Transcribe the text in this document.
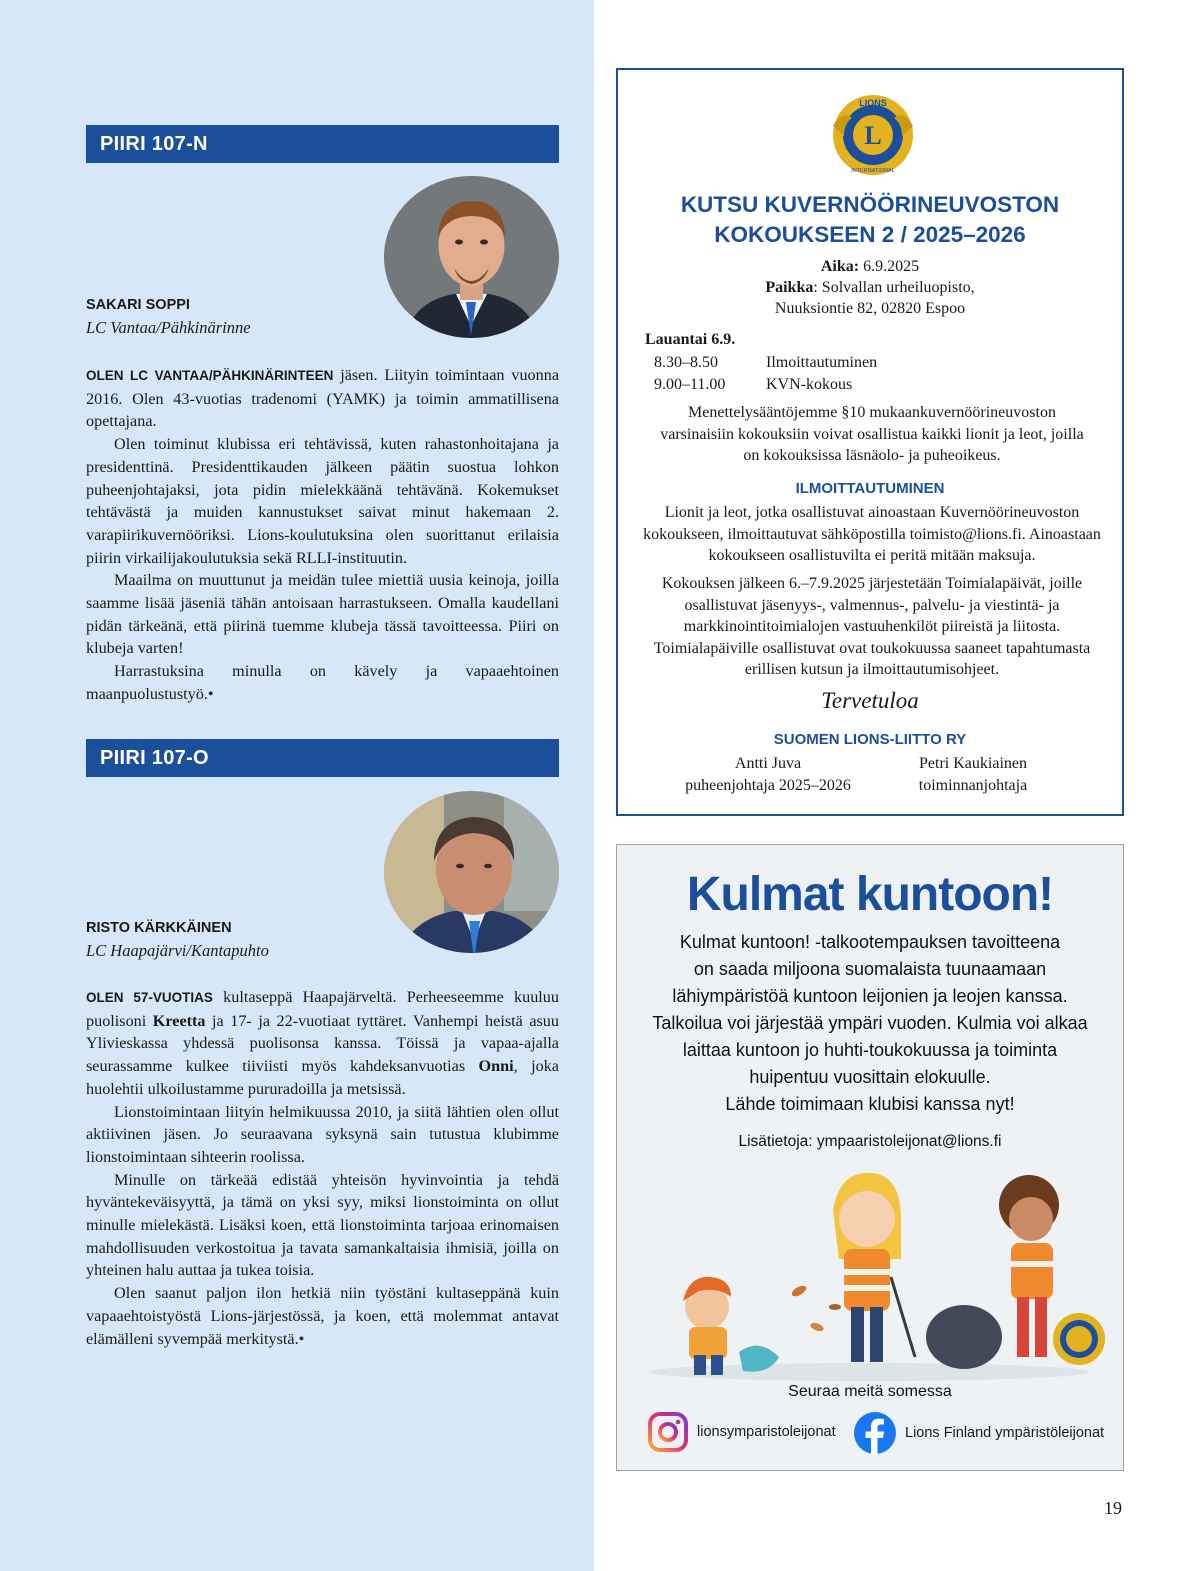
PIIRI 107-N
SAKARI SOPPI
LC Vantaa/Pähkinärinne

OLEN LC VANTAA/PÄHKINÄRINTEEN jäsen. Liityin toimintaan vuonna 2016. Olen 43-vuotias tradenomi (YAMK) ja toimin ammatillisena opettajana.

Olen toiminut klubissa eri tehtävissä, kuten rahastonhoitajana ja presidenttinä. Presidenttikauden jälkeen päätin suostua lohkon puheenjohtajaksi, jota pidin mielekkäänä tehtävänä. Kokemukset tehtävästä ja muiden kannustukset saivat minut hakemaan 2. varapiirikuvernööriksi. Lions-koulutuksina olen suorittanut erilaisia piirin virkailijakoulutuksia sekä RLLI-instituutin.

Maailma on muuttunut ja meidän tulee miettiä uusia keinoja, joilla saamme lisää jäseniä tähän antoisaan harrastukseen. Omalla kaudellani pidän tärkeänä, että piirinä tuemme klubeja tässä tavoitteessa. Piiri on klubeja varten!

Harrastuksina minulla on kävely ja vapaaehtoinen maanpuolustustyö.•

PIIRI 107-O
RISTO KÄRKKÄINEN
LC Haapajärvi/Kantapuhto

OLEN 57-VUOTIAS kultaseppä Haapajärveltä. Perheeseemme kuuluu puolisoni Kreetta ja 17- ja 22-vuotiaat tyttäret. Vanhempi heistä asuu Ylivieskassa yhdessä puolisonsa kanssa. Töissä ja vapaa-ajalla seurassamme kulkee tiiviisti myös kahdeksanvuotias Onni, joka huolehtii ulkoilustamme pururadoilla ja metsissä.

Lionstoimintaan liityin helmikuussa 2010, ja siitä lähtien olen ollut aktiivinen jäsen. Jo seuraavana syksynä sain tutustua klubimme lionstoimintaan sihteerin roolissa.

Minulle on tärkeää edistää yhteisön hyvinvointia ja tehdä hyväntekeväisyyttä, ja tämä on yksi syy, miksi lionstoiminta on ollut minulle mielekästä. Lisäksi koen, että lionstoiminta tarjoaa erinomaisen mahdollisuuden verkostoitua ja tavata samankaltaisia ihmisiä, joilla on yhteinen halu auttaa ja tukea toisia.

Olen saanut paljon ilon hetkiä niin työstäni kultaseppänä kuin vapaaehtoistyöstä Lions-järjestössä, ja koen, että molemmat antavat elämälleni syvempää merkitystä.•

L
LIONS
INTERNATIONAL
KUTSU KUVERNÖÖRINEUVOSTON
KOKOUKSEEN 2 / 2025–2026
Aika: 6.9.2025
Paikka: Solvallan urheiluopisto,
Nuuksiontie 82, 02820 Espoo
Lauantai 6.9.
8.30–8.50	Ilmoittautuminen
9.00–11.00	KVN-kokous
Menettelysääntöjemme §10 mukaankuvernöörineuvoston varsinaisiin kokouksiin voivat osallistua kaikki lionit ja leot, joilla on kokouksissa läsnäolo- ja puheoikeus.
ILMOITTAUTUMINEN
Lionit ja leot, jotka osallistuvat ainoastaan Kuvernöörineuvoston kokoukseen, ilmoittautuvat sähköpostilla toimisto@lions.fi. Ainoastaan kokoukseen osallistuvilta ei peritä mitään maksuja.
Kokouksen jälkeen 6.–7.9.2025 järjestetään Toimialapäivät, joille osallistuvat jäsenyys-, valmennus-, palvelu- ja viestintä- ja markkinointitoimialojen vastuuhenkilöt piireistä ja liitosta. Toimialapäiville osallistuvat ovat toukokuussa saaneet tapahtumasta erillisen kutsun ja ilmoittautumisohjeet.
Tervetuloa
SUOMEN LIONS-LIITTO RY
Antti Juva
puheenjohtaja 2025–2026
Petri Kaukiainen
toiminnanjohtaja
Kulmat kuntoon!
Kulmat kuntoon! -talkootempauksen tavoitteena
on saada miljoona suomalaista tuunaamaan
lähiympäristöä kuntoon leijonien ja leojen kanssa.
Talkoilua voi järjestää ympäri vuoden. Kulmia voi alkaa
laittaa kuntoon jo huhti-toukokuussa ja toiminta
huipentuu vuosittain elokuulle.
Lähde toimimaan klubisi kanssa nyt!
Lisätietoja: ympaaristoleijonat@lions.fi
Seuraa meitä somessa
lionsymparistoleijonat	Lions Finland ympäristöleijonat
19
